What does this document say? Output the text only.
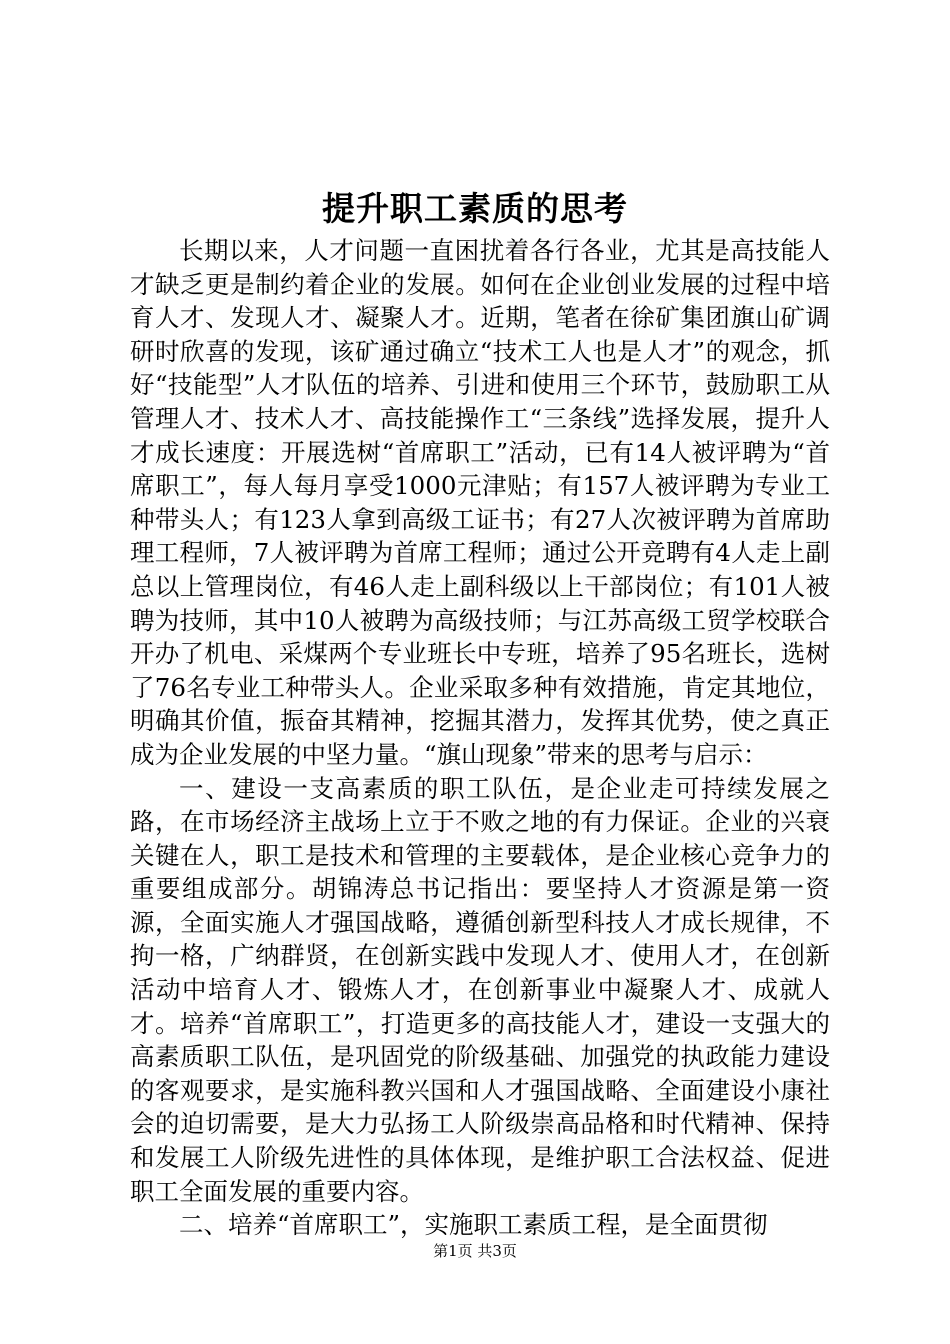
提升职工素质的思考

长期以来，人才问题一直困扰着各行各业，尤其是高技能人才缺乏更是制约着企业的发展。如何在企业创业发展的过程中培育人才、发现人才、凝聚人才。近期，笔者在徐矿集团旗山矿调研时欣喜的发现，该矿通过确立“技术工人也是人才”的观念，抓好“技能型”人才队伍的培养、引进和使用三个环节，鼓励职工从管理人才、技术人才、高技能操作工“三条线”选择发展，提升人才成长速度：开展选树“首席职工”活动，已有14人被评聘为“首席职工”，每人每月享受1000元津贴；有157人被评聘为专业工种带头人；有123人拿到高级工证书；有27人次被评聘为首席助理工程师，7人被评聘为首席工程师；通过公开竞聘有4人走上副总以上管理岗位，有46人走上副科级以上干部岗位；有101人被聘为技师，其中10人被聘为高级技师；与江苏高级工贸学校联合开办了机电、采煤两个专业班长中专班，培养了95名班长，选树了76名专业工种带头人。企业采取多种有效措施，肯定其地位，明确其价值，振奋其精神，挖掘其潜力，发挥其优势，使之真正成为企业发展的中坚力量。“旗山现象”带来的思考与启示：

一、建设一支高素质的职工队伍，是企业走可持续发展之路，在市场经济主战场上立于不败之地的有力保证。企业的兴衰关键在人，职工是技术和管理的主要载体，是企业核心竞争力的重要组成部分。胡锦涛总书记指出：要坚持人才资源是第一资源，全面实施人才强国战略，遵循创新型科技人才成长规律，不拘一格，广纳群贤，在创新实践中发现人才、使用人才，在创新活动中培育人才、锻炼人才，在创新事业中凝聚人才、成就人才。培养“首席职工”，打造更多的高技能人才，建设一支强大的高素质职工队伍，是巩固党的阶级基础、加强党的执政能力建设的客观要求，是实施科教兴国和人才强国战略、全面建设小康社会的迫切需要，是大力弘扬工人阶级崇高品格和时代精神、保持和发展工人阶级先进性的具体体现，是维护职工合法权益、促进职工全面发展的重要内容。

二、培养“首席职工”，实施职工素质工程，是全面贯彻

第1页 共3页
